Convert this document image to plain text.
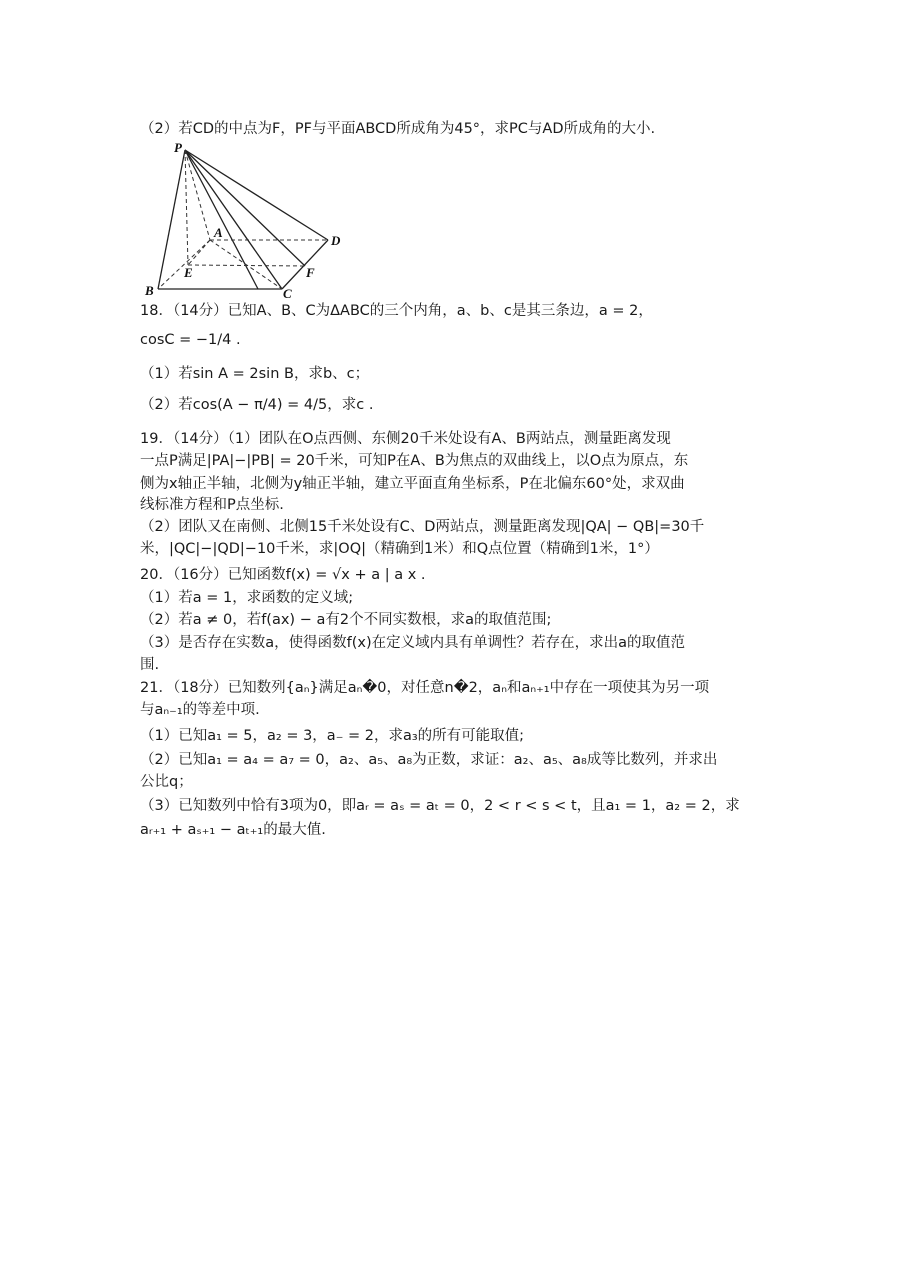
（2）若CD的中点为F，PF与平面ABCD所成角为45°，求PC与AD所成角的大小.
P
A
B	C
D
E	F
18．（14分）已知A、B、C为ΔABC的三个内角，a、b、c是其三条边，a = 2，
cosC = −1/4 .
（1）若sin A = 2sin B，求b、c；
（2）若cos(A − π/4) = 4/5，求c .
19．（14分）（1）团队在O点西侧、东侧20千米处设有A、B两站点，测量距离发现
一点P满足|PA|−|PB| = 20千米，可知P在A、B为焦点的双曲线上，以O点为原点，东
侧为x轴正半轴，北侧为y轴正半轴，建立平面直角坐标系，P在北偏东60°处，求双曲
线标准方程和P点坐标.
（2）团队又在南侧、北侧15千米处设有C、D两站点，测量距离发现|QA| − QB|=30千
米，|QC|−|QD|−10千米，求|OQ|（精确到1米）和Q点位置（精确到1米，1°）
20．（16分）已知函数f(x) = √x + a | a x .
（1）若a = 1，求函数的定义域;
（2）若a ≠ 0，若f(ax) − a有2个不同实数根，求a的取值范围;
（3）是否存在实数a，使得函数f(x)在定义域内具有单调性？若存在，求出a的取值范
围.
21．（18分）已知数列{aₙ}满足aₙ�0，对任意n�2，aₙ和aₙ₊₁中存在一项使其为另一项
与aₙ₋₁的等差中项.
（1）已知a₁ = 5，a₂ = 3，a₋ = 2，求a₃的所有可能取值;
（2）已知a₁ = a₄ = a₇ = 0，a₂、a₅、a₈为正数，求证：a₂、a₅、a₈成等比数列，并求出
公比q；
（3）已知数列中恰有3项为0，即aᵣ = aₛ = aₜ = 0，2 < r < s < t，且a₁ = 1，a₂ = 2，求
aᵣ₊₁ + aₛ₊₁ − aₜ₊₁的最大值.
